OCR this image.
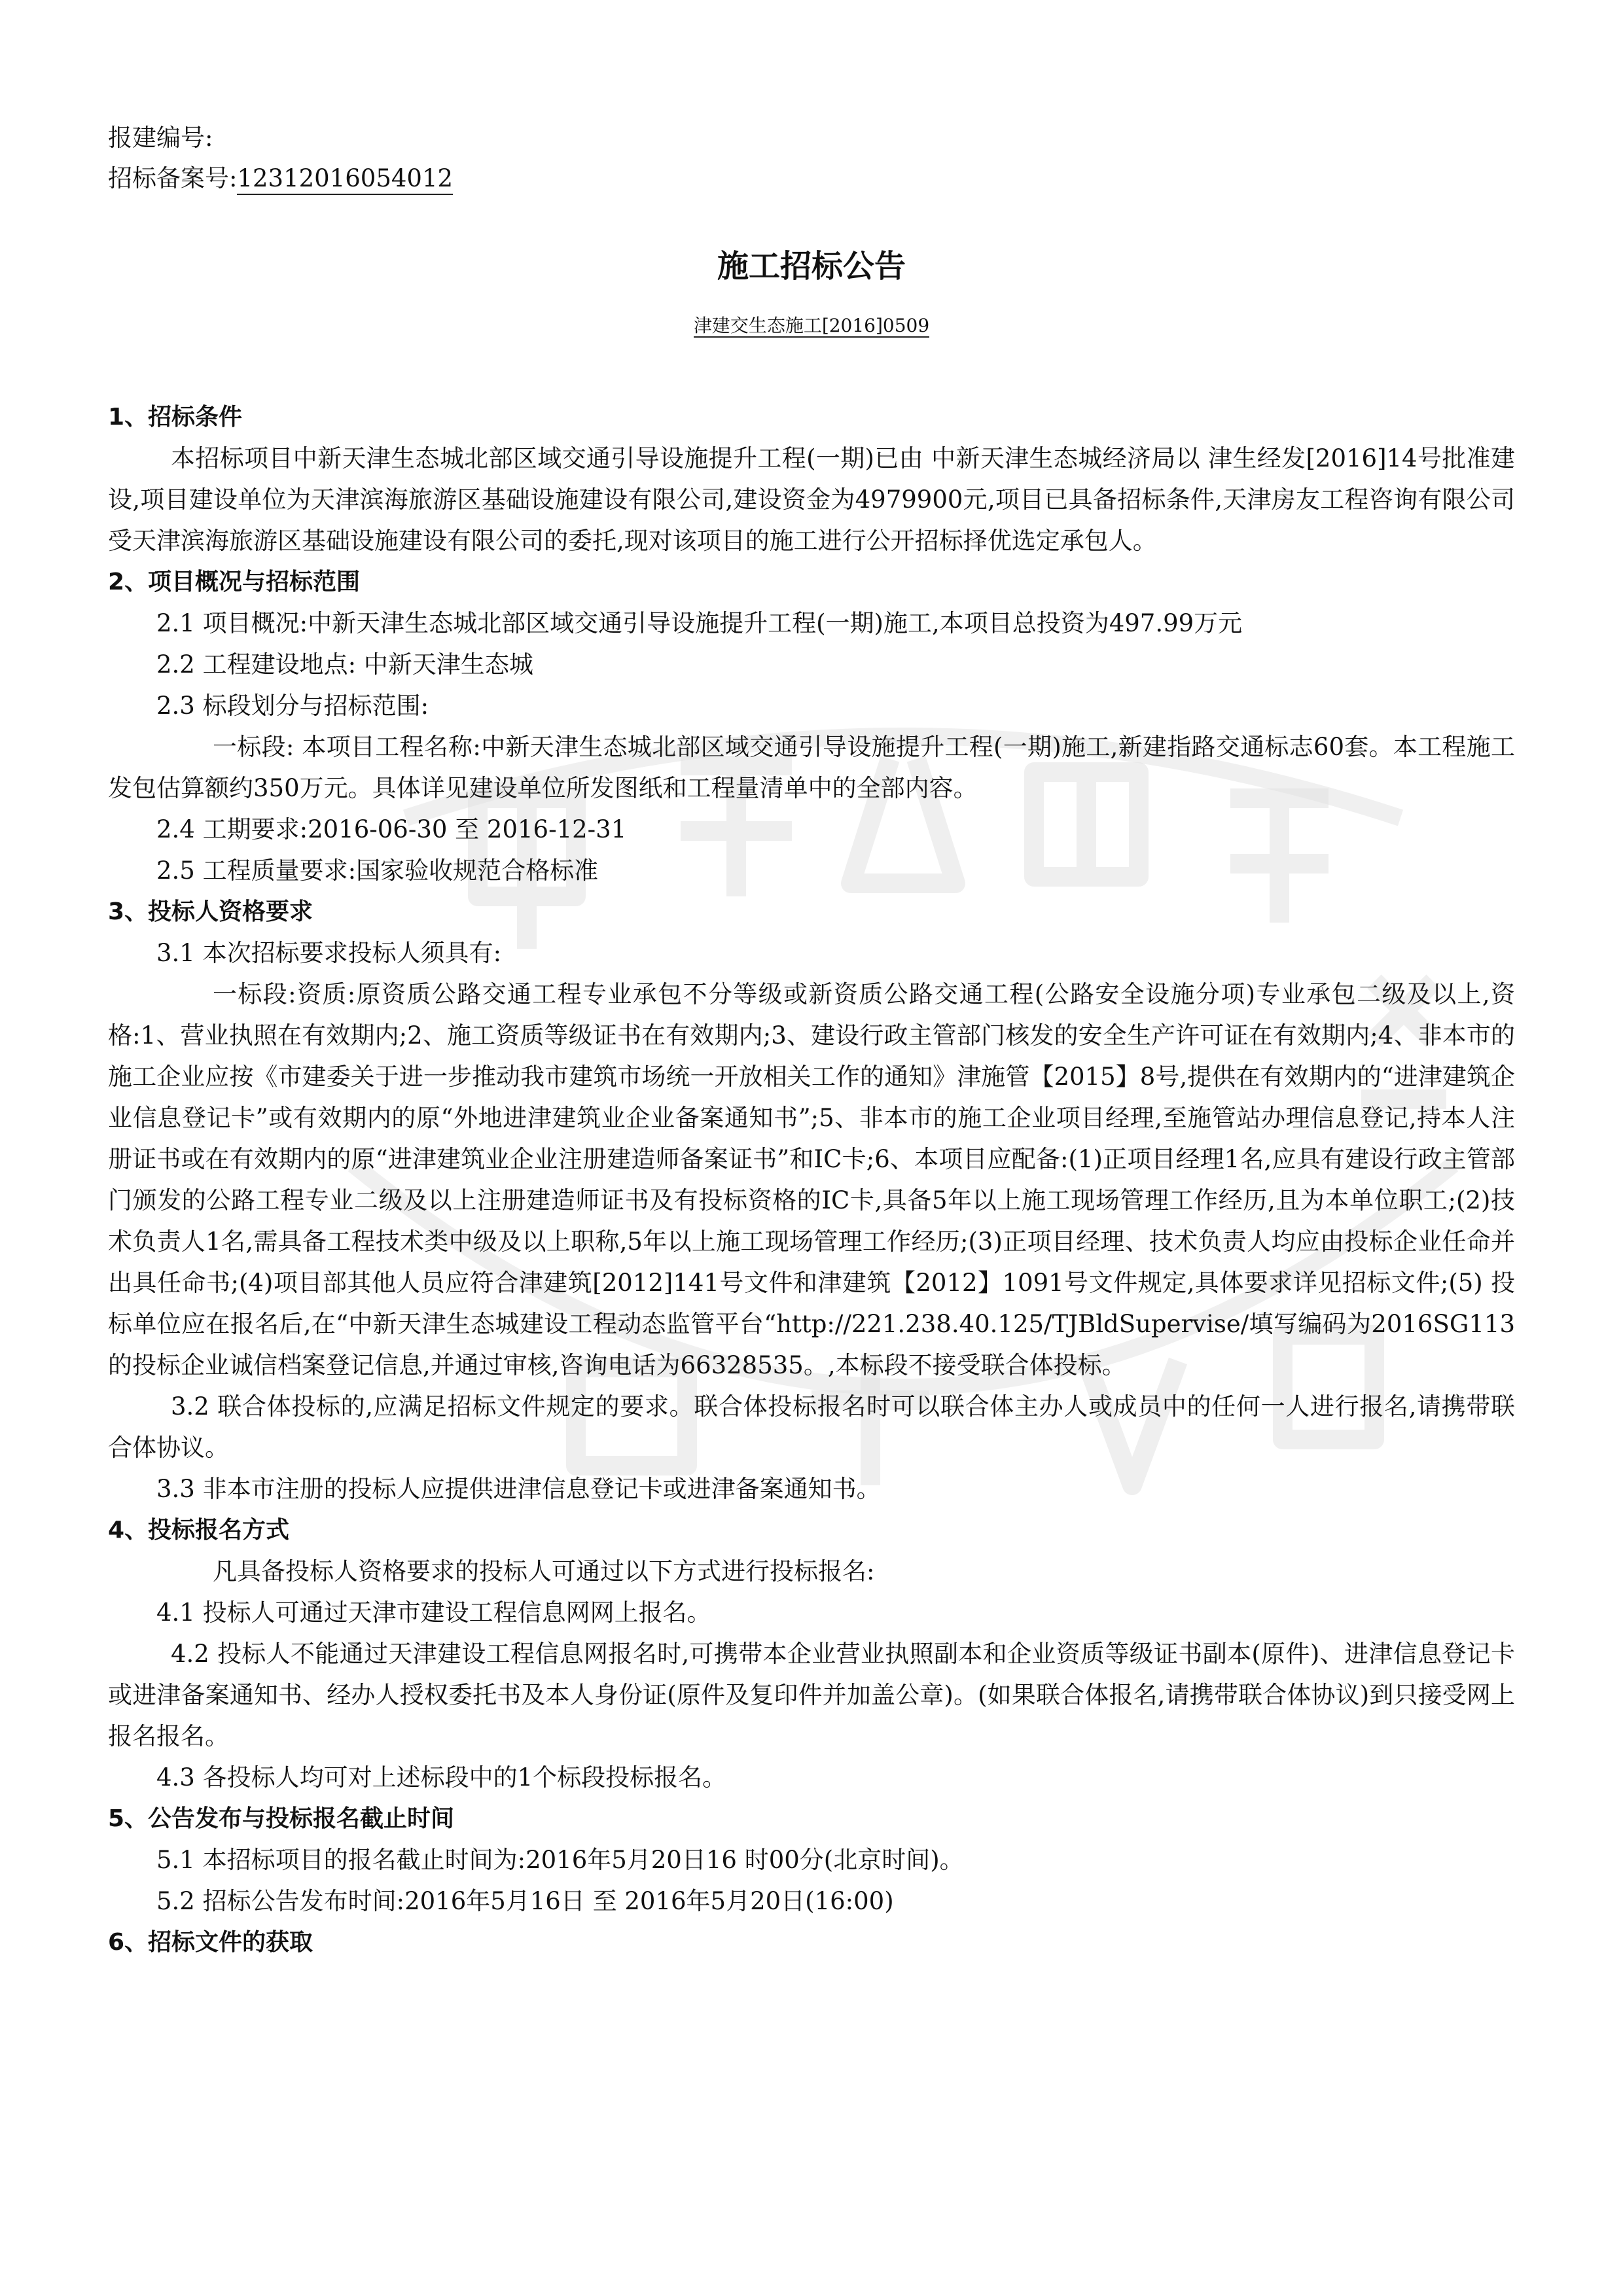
报建编号:
招标备案号:12312016054012
施工招标公告
津建交生态施工[2016]0509
1、招标条件

本招标项目中新天津生态城北部区域交通引导设施提升工程(一期)已由 中新天津生态城经济局以 津生经发[2016]14号批准建设,项目建设单位为天津滨海旅游区基础设施建设有限公司,建设资金为4979900元,项目已具备招标条件,天津房友工程咨询有限公司受天津滨海旅游区基础设施建设有限公司的委托,现对该项目的施工进行公开招标择优选定承包人。

2、项目概况与招标范围

2.1 项目概况:中新天津生态城北部区域交通引导设施提升工程(一期)施工,本项目总投资为497.99万元

2.2 工程建设地点: 中新天津生态城

2.3 标段划分与招标范围:

一标段: 本项目工程名称:中新天津生态城北部区域交通引导设施提升工程(一期)施工,新建指路交通标志60套。本工程施工发包估算额约350万元。具体详见建设单位所发图纸和工程量清单中的全部内容。

2.4 工期要求:2016-06-30 至 2016-12-31

2.5 工程质量要求:国家验收规范合格标准

3、投标人资格要求

3.1 本次招标要求投标人须具有:

一标段:资质:原资质公路交通工程专业承包不分等级或新资质公路交通工程(公路安全设施分项)专业承包二级及以上,资格:1、营业执照在有效期内;2、施工资质等级证书在有效期内;3、建设行政主管部门核发的安全生产许可证在有效期内;4、非本市的施工企业应按《市建委关于进一步推动我市建筑市场统一开放相关工作的通知》津施管【2015】8号,提供在有效期内的“进津建筑企业信息登记卡”或有效期内的原“外地进津建筑业企业备案通知书”;5、非本市的施工企业项目经理,至施管站办理信息登记,持本人注册证书或在有效期内的原“进津建筑业企业注册建造师备案证书”和IC卡;6、本项目应配备:(1)正项目经理1名,应具有建设行政主管部门颁发的公路工程专业二级及以上注册建造师证书及有投标资格的IC卡,具备5年以上施工现场管理工作经历,且为本单位职工;(2)技术负责人1名,需具备工程技术类中级及以上职称,5年以上施工现场管理工作经历;(3)正项目经理、技术负责人均应由投标企业任命并出具任命书;(4)项目部其他人员应符合津建筑[2012]141号文件和津建筑【2012】1091号文件规定,具体要求详见招标文件;(5) 投标单位应在报名后,在“中新天津生态城建设工程动态监管平台“http://221.238.40.125/TJBldSupervise/填写编码为2016SG113的投标企业诚信档案登记信息,并通过审核,咨询电话为66328535。,本标段不接受联合体投标。

3.2 联合体投标的,应满足招标文件规定的要求。联合体投标报名时可以联合体主办人或成员中的任何一人进行报名,请携带联合体协议。

3.3 非本市注册的投标人应提供进津信息登记卡或进津备案通知书。

4、投标报名方式

凡具备投标人资格要求的投标人可通过以下方式进行投标报名:

4.1 投标人可通过天津市建设工程信息网网上报名。

4.2 投标人不能通过天津建设工程信息网报名时,可携带本企业营业执照副本和企业资质等级证书副本(原件)、进津信息登记卡或进津备案通知书、经办人授权委托书及本人身份证(原件及复印件并加盖公章)。(如果联合体报名,请携带联合体协议)到只接受网上报名报名。

4.3 各投标人均可对上述标段中的1个标段投标报名。

5、公告发布与投标报名截止时间

5.1 本招标项目的报名截止时间为:2016年5月20日16 时00分(北京时间)。

5.2 招标公告发布时间:2016年5月16日 至 2016年5月20日(16:00)

6、招标文件的获取
